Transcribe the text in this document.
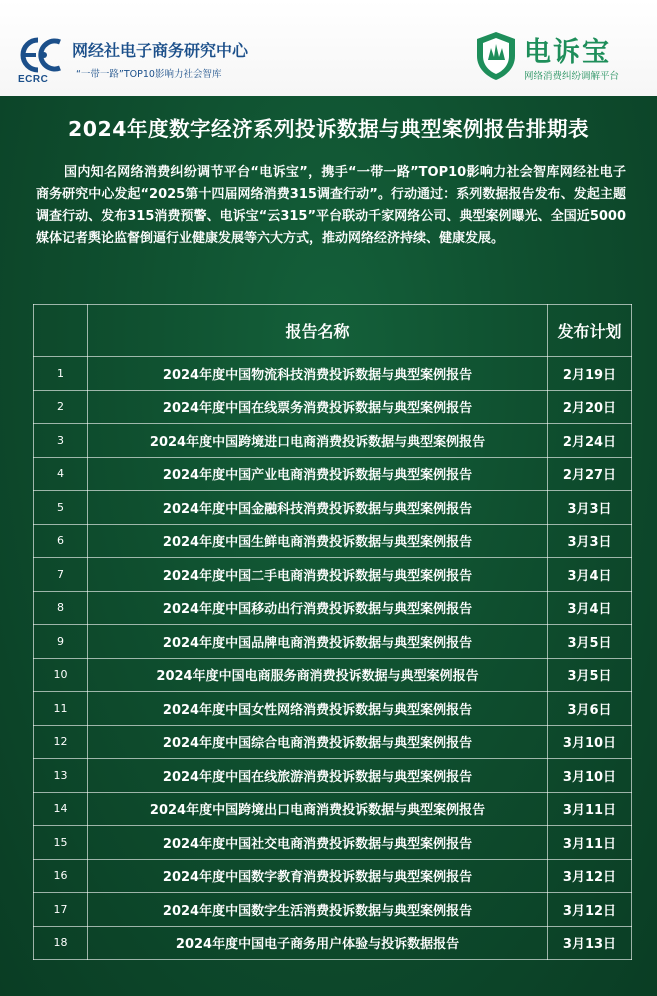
ECRC
网经社电子商务研究中心
“一带一路”TOP10影响力社会智库
电诉宝
网络消费纠纷调解平台
2024年度数字经济系列投诉数据与典型案例报告排期表
国内知名网络消费纠纷调节平台“电诉宝”，携手“一带一路”TOP10影响力社会智库网经社电子商务研究中心发起“2025第十四届网络消费315调查行动”。行动通过：系列数据报告发布、发起主题调查行动、发布315消费预警、电诉宝“云315”平台联动千家网络公司、典型案例曝光、全国近5000媒体记者舆论监督倒逼行业健康发展等六大方式，推动网络经济持续、健康发展。
	报告名称	发布计划
1	2024年度中国物流科技消费投诉数据与典型案例报告	2月19日
2	2024年度中国在线票务消费投诉数据与典型案例报告	2月20日
3	2024年度中国跨境进口电商消费投诉数据与典型案例报告	2月24日
4	2024年度中国产业电商消费投诉数据与典型案例报告	2月27日
5	2024年度中国金融科技消费投诉数据与典型案例报告	3月3日
6	2024年度中国生鲜电商消费投诉数据与典型案例报告	3月3日
7	2024年度中国二手电商消费投诉数据与典型案例报告	3月4日
8	2024年度中国移动出行消费投诉数据与典型案例报告	3月4日
9	2024年度中国品牌电商消费投诉数据与典型案例报告	3月5日
10	2024年度中国电商服务商消费投诉数据与典型案例报告	3月5日
11	2024年度中国女性网络消费投诉数据与典型案例报告	3月6日
12	2024年度中国综合电商消费投诉数据与典型案例报告	3月10日
13	2024年度中国在线旅游消费投诉数据与典型案例报告	3月10日
14	2024年度中国跨境出口电商消费投诉数据与典型案例报告	3月11日
15	2024年度中国社交电商消费投诉数据与典型案例报告	3月11日
16	2024年度中国数字教育消费投诉数据与典型案例报告	3月12日
17	2024年度中国数字生活消费投诉数据与典型案例报告	3月12日
18	2024年度中国电子商务用户体验与投诉数据报告	3月13日
